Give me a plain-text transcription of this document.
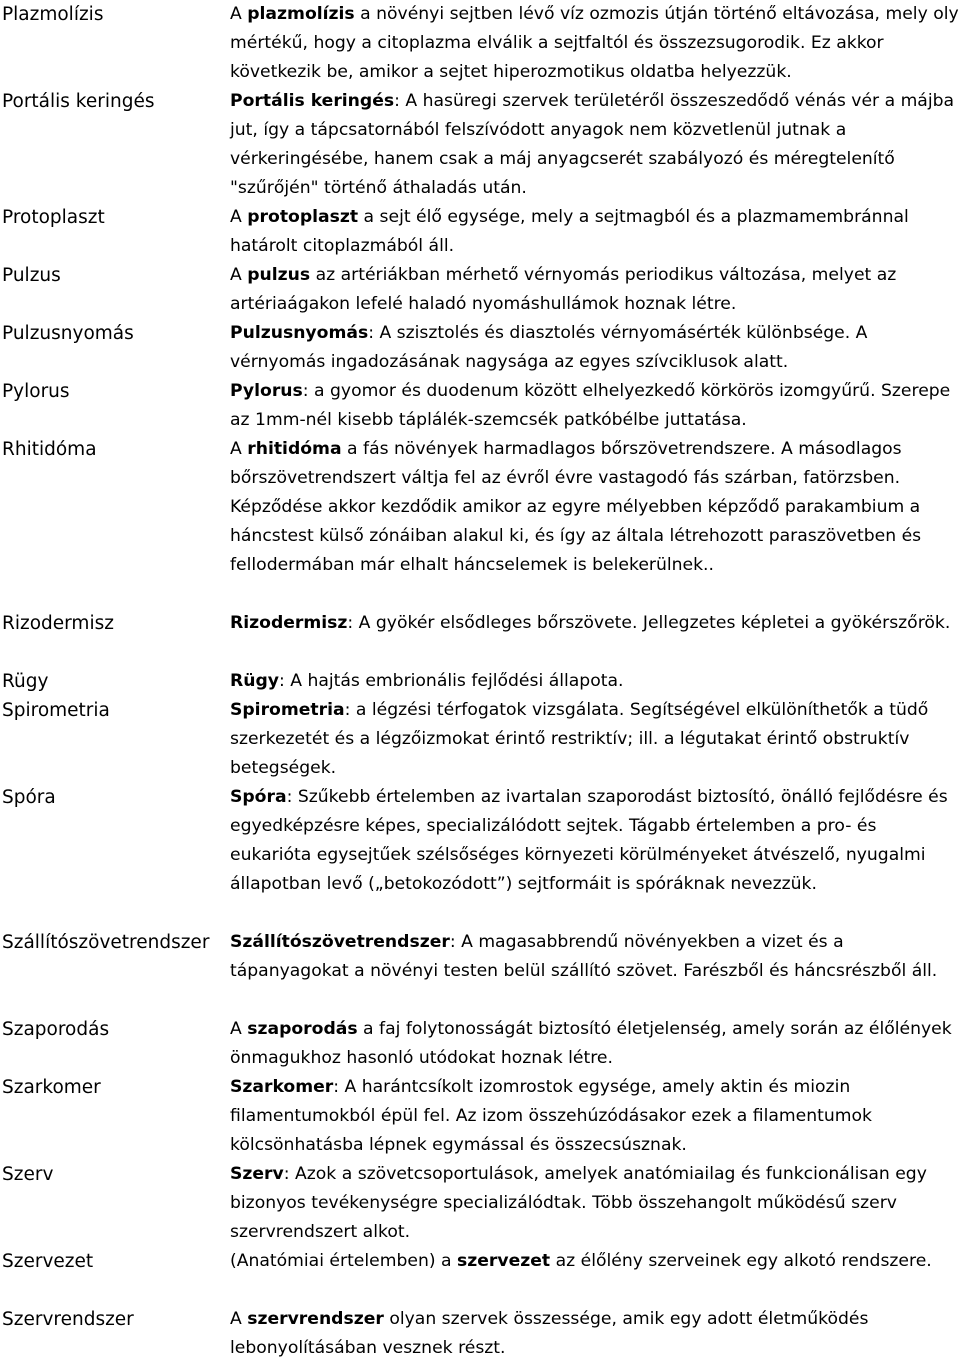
Plazmolízis	A plazmolízis a növényi sejtben lévő víz ozmozis útján történő eltávozása, mely oly mértékű, hogy a citoplazma elválik a sejtfaltól és összezsugorodik. Ez akkor következik be, amikor a sejtet hiperozmotikus oldatba helyezzük.
Portális keringés	Portális keringés: A hasüregi szervek területéről összeszedődő vénás vér a májba jut, így a tápcsatornából felszívódott anyagok nem közvetlenül jutnak a vérkeringésébe, hanem csak a máj anyagcserét szabályozó és méregtelenítő "szűrőjén" történő áthaladás után.
Protoplaszt	A protoplaszt a sejt élő egysége, mely a sejtmagból és a plazmamembránnal határolt citoplazmából áll.
Pulzus	A pulzus az artériákban mérhető vérnyomás periodikus változása, melyet az artériaágakon lefelé haladó nyomáshullámok hoznak létre.
Pulzusnyomás	Pulzusnyomás: A szisztolés és diasztolés vérnyomásérték különbsége. A vérnyomás ingadozásának nagysága az egyes szívciklusok alatt.
Pylorus	Pylorus: a gyomor és duodenum között elhelyezkedő körkörös izomgyűrű. Szerepe az 1mm-nél kisebb táplálék-szemcsék patkóbélbe juttatása.
Rhitidóma	A rhitidóma a fás növények harmadlagos bőrszövetrendszere. A másodlagos bőrszövetrendszert váltja fel az évről évre vastagodó fás szárban, fatörzsben. Képződése akkor kezdődik amikor az egyre mélyebben képződő parakambium a háncstest külső zónáiban alakul ki, és így az általa létrehozott paraszövetben és fellodermában már elhalt háncselemek is belekerülnek..
Rizodermisz	Rizodermisz: A gyökér elsődleges bőrszövete. Jellegzetes képletei a gyökérszőrök.
Rügy	Rügy: A hajtás embrionális fejlődési állapota.
Spirometria	Spirometria: a légzési térfogatok vizsgálata. Segítségével elkülöníthetők a tüdő szerkezetét és a légzőizmokat érintő restriktív; ill. a légutakat érintő obstruktív betegségek.
Spóra	Spóra: Szűkebb értelemben az ivartalan szaporodást biztosító, önálló fejlődésre és egyedképzésre képes, specializálódott sejtek. Tágabb értelemben a pro- és eukarióta egysejtűek szélsőséges környezeti körülményeket átvészelő, nyugalmi állapotban levő („betokozódott”) sejtformáit is spóráknak nevezzük.
Szállítószövetrendszer Szállítószövetrendszer: A magasabbrendű növényekben a vizet és a tápanyagokat a növényi testen belül szállító szövet. Farészből és háncsrészből áll.
Szaporodás	A szaporodás a faj folytonosságát biztosító életjelenség, amely során az élőlények önmagukhoz hasonló utódokat hoznak létre.
Szarkomer	Szarkomer: A harántcsíkolt izomrostok egysége, amely aktin és miozin filamentumokból épül fel. Az izom összehúzódásakor ezek a filamentumok kölcsönhatásba lépnek egymással és összecsúsznak.
Szerv	Szerv: Azok a szövetcsoportulások, amelyek anatómiailag és funkcionálisan egy bizonyos tevékenységre specializálódtak. Több összehangolt működésű szerv szervrendszert alkot.
Szervezet	(Anatómiai értelemben) a szervezet az élőlény szerveinek egy alkotó rendszere.
Szervrendszer	A szervrendszer olyan szervek összessége, amik egy adott életműködés lebonyolításában vesznek részt.
